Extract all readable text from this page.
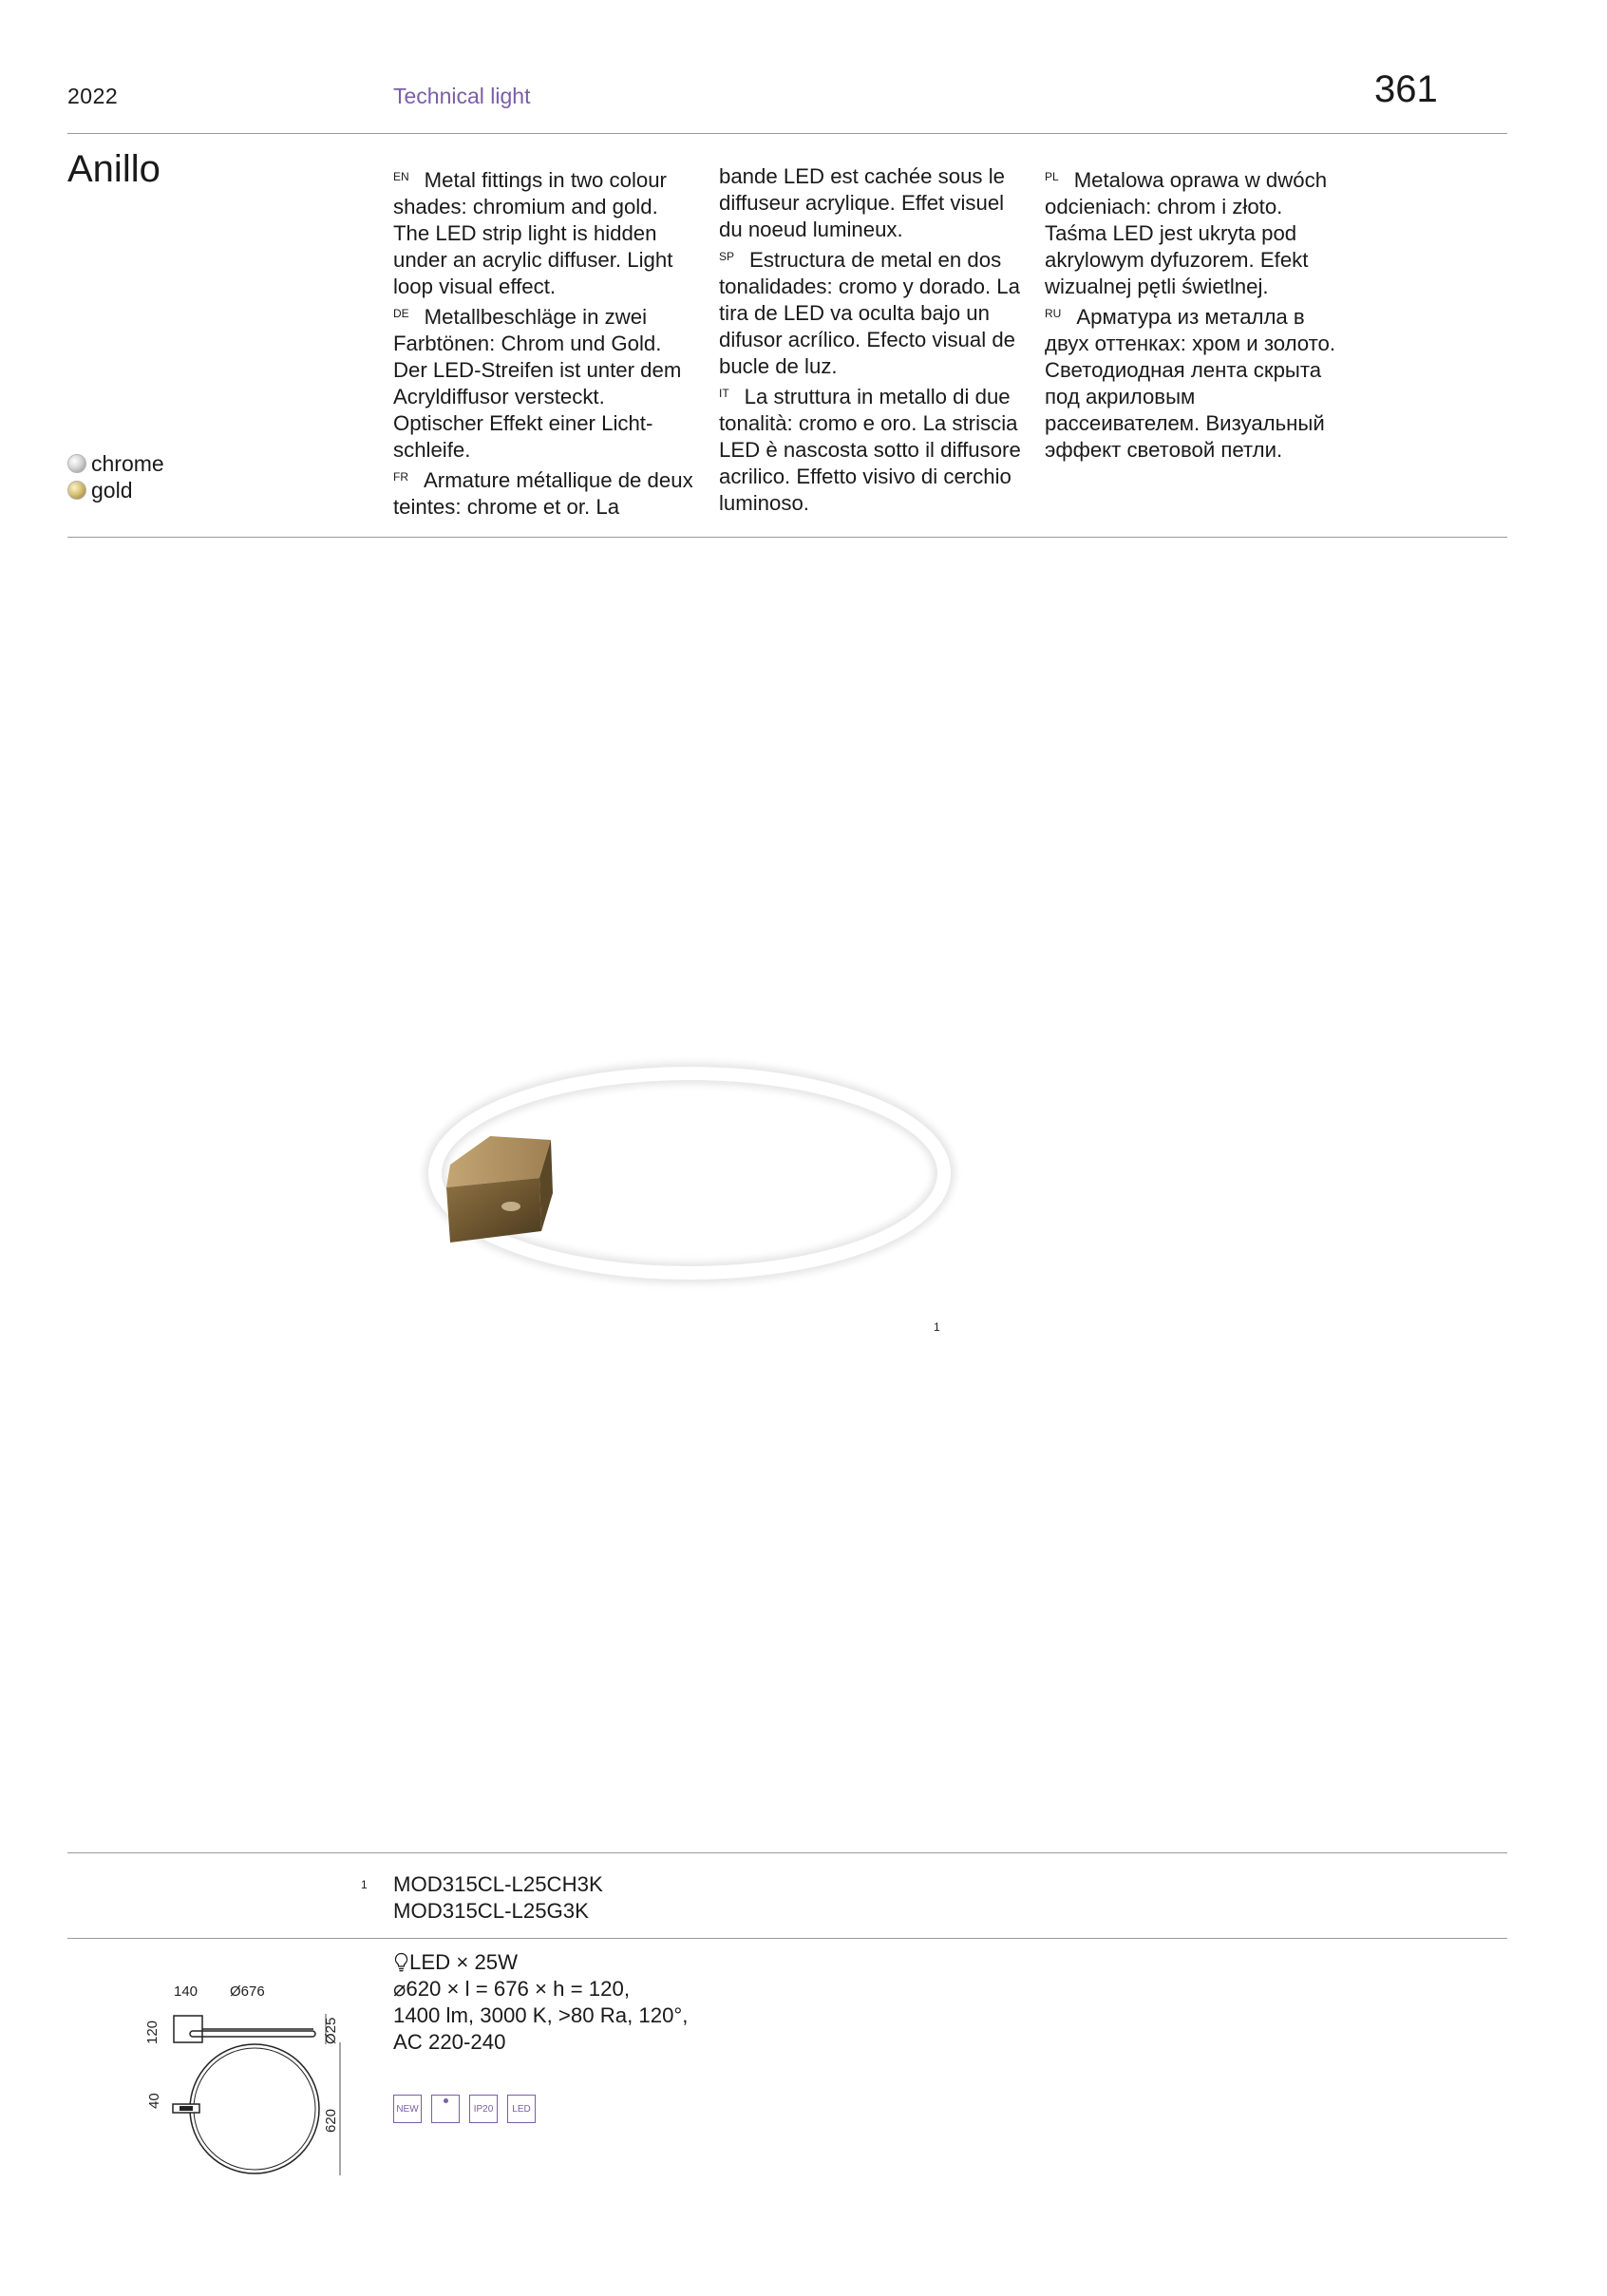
2022	Technical light	361
Anillo
chrome
gold

$^{EN}$ Metal fittings in two colour shades: chromium and gold. The LED strip light is hidden under an acrylic diffuser. Light loop visual effect.

$^{DE}$ Metallbeschläge in zwei Farbtönen: Chrom und Gold. Der LED-Streifen ist unter dem Acryldiffusor versteckt. Optischer Effekt einer Licht-schleife.

$^{FR}$ Armature métallique de deux teintes: chrome et or. La

bande LED est cachée sous le diffuseur acrylique. Effet visuel du noeud lumineux.

$^{SP}$ Estructura de metal en dos tonalidades: cromo y dorado. La tira de LED va oculta bajo un difusor acrílico. Efecto visual de bucle de luz.

$^{IT}$ La struttura in metallo di due tonalità: cromo e oro. La striscia LED è nascosta sotto il diffusore acrilico. Effetto visivo di cerchio luminoso.

$^{PL}$ Metalowa oprawa w dwóch odcieniach: chrom i złoto. Taśma LED jest ukryta pod akrylowym dyfuzorem. Efekt wizualnej pętli świetlnej.

$^{RU}$ Арматура из металла в двух оттенках: хром и золото. Светодиодная лента скрыта под акриловым рассеивателем. Визуальный эффект световой петли.

1
1 MOD315CL-L25CH3K
MOD315CL-L25G3K
LED × 25W
⌀620 × l = 676 × h = 120,
1400 lm, 3000 K, >80 Ra, 120°,
AC 220-240
NEW	IP20	LED
140 Ø676
120	Ø25
40
620
